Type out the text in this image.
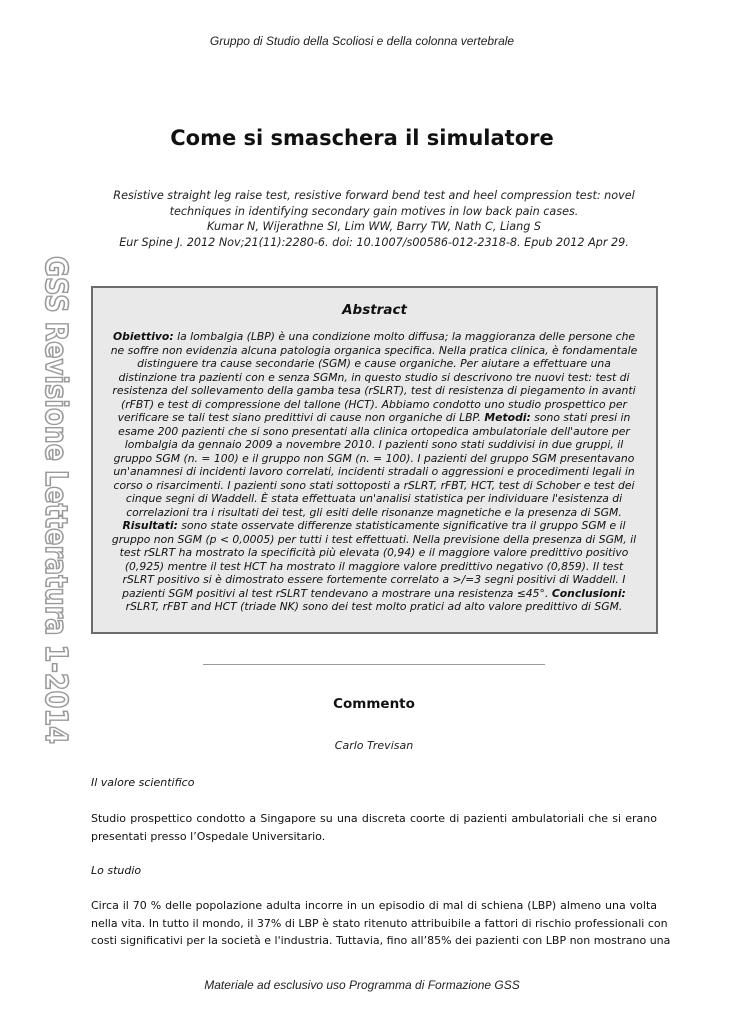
Gruppo di Studio della Scoliosi e della colonna vertebrale
GSS Revisione Letteratura 1-2014
Come si smaschera il simulatore
Resistive straight leg raise test, resistive forward bend test and heel compression test: novel
techniques in identifying secondary gain motives in low back pain cases.
Kumar N, Wijerathne SI, Lim WW, Barry TW, Nath C, Liang S
Eur Spine J. 2012 Nov;21(11):2280-6. doi: 10.1007/s00586-012-2318-8. Epub 2012 Apr 29.
Abstract
Obiettivo: la lombalgia (LBP) è una condizione molto diffusa; la maggioranza delle persone che
ne soffre non evidenzia alcuna patologia organica specifica. Nella pratica clinica, è fondamentale
distinguere tra cause secondarie (SGM) e cause organiche. Per aiutare a effettuare una
distinzione tra pazienti con e senza SGMn, in questo studio si descrivono tre nuovi test: test di
resistenza del sollevamento della gamba tesa (rSLRT), test di resistenza di piegamento in avanti
(rFBT) e test di compressione del tallone (HCT). Abbiamo condotto uno studio prospettico per
verificare se tali test siano predittivi di cause non organiche di LBP. Metodi: sono stati presi in
esame 200 pazienti che si sono presentati alla clinica ortopedica ambulatoriale dell'autore per
lombalgia da gennaio 2009 a novembre 2010. I pazienti sono stati suddivisi in due gruppi, il
gruppo SGM (n. = 100) e il gruppo non SGM (n. = 100). I pazienti del gruppo SGM presentavano
un'anamnesi di incidenti lavoro correlati, incidenti stradali o aggressioni e procedimenti legali in
corso o risarcimenti. I pazienti sono stati sottoposti a rSLRT, rFBT, HCT, test di Schober e test dei
cinque segni di Waddell. È stata effettuata un'analisi statistica per individuare l'esistenza di
correlazioni tra i risultati dei test, gli esiti delle risonanze magnetiche e la presenza di SGM.
Risultati: sono state osservate differenze statisticamente significative tra il gruppo SGM e il
gruppo non SGM (p < 0,0005) per tutti i test effettuati. Nella previsione della presenza di SGM, il
test rSLRT ha mostrato la specificità più elevata (0,94) e il maggiore valore predittivo positivo
(0,925) mentre il test HCT ha mostrato il maggiore valore predittivo negativo (0,859). Il test
rSLRT positivo si è dimostrato essere fortemente correlato a >/=3 segni positivi di Waddell. I
pazienti SGM positivi al test rSLRT tendevano a mostrare una resistenza ≤45°. Conclusioni:
rSLRT, rFBT and HCT (triade NK) sono dei test molto pratici ad alto valore predittivo di SGM.
Commento
Carlo Trevisan
Il valore scientifico
Studio prospettico condotto a Singapore su una discreta coorte di pazienti ambulatoriali che si erano
presentati presso l’Ospedale Universitario.
Lo studio
Circa il 70 % delle popolazione adulta incorre in un episodio di mal di schiena (LBP) almeno una volta
nella vita. In tutto il mondo, il 37% di LBP è stato ritenuto attribuibile a fattori di rischio professionali con
costi significativi per la società e l'industria. Tuttavia, fino all’85% dei pazienti con LBP non mostrano una
Materiale ad esclusivo uso Programma di Formazione GSS
